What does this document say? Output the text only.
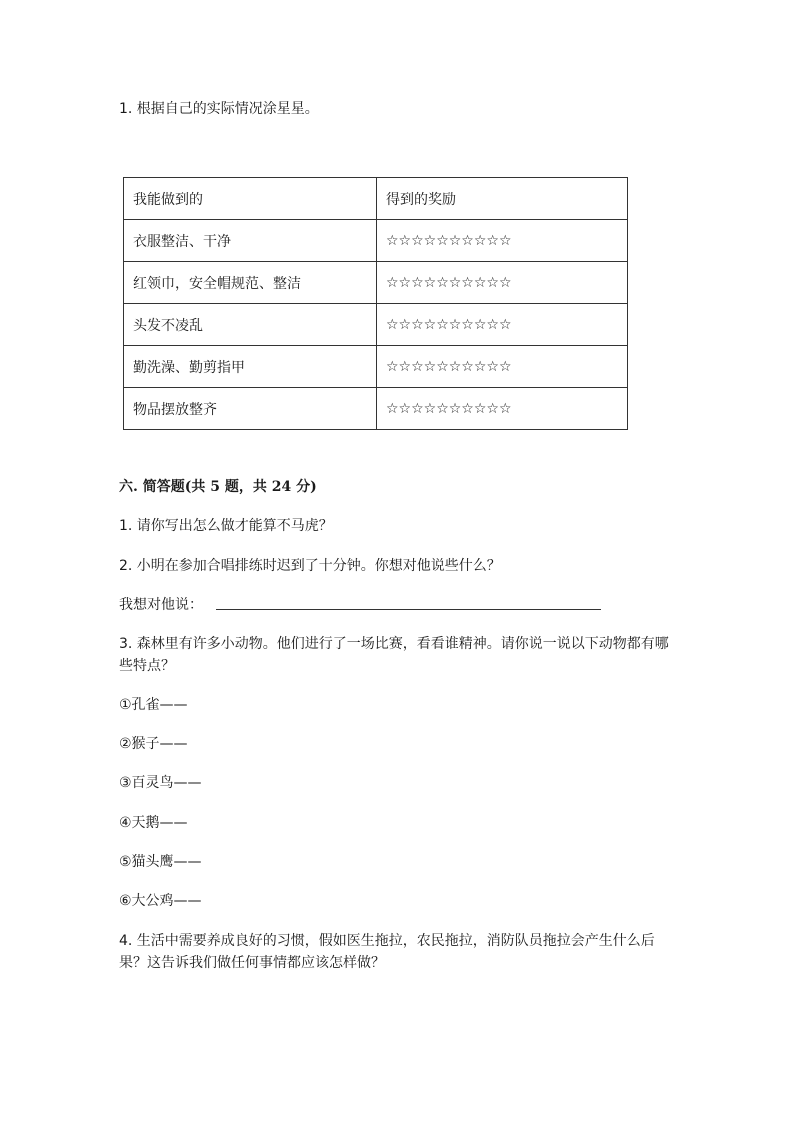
1. 根据自己的实际情况涂星星。
我能做到的	得到的奖励
衣服整洁、干净	☆☆☆☆☆☆☆☆☆☆
红领巾，安全帽规范、整洁	☆☆☆☆☆☆☆☆☆☆
头发不凌乱	☆☆☆☆☆☆☆☆☆☆
勤洗澡、勤剪指甲	☆☆☆☆☆☆☆☆☆☆
物品摆放整齐	☆☆☆☆☆☆☆☆☆☆
六. 简答题(共 5 题，共 24 分)
1. 请你写出怎么做才能算不马虎？
2. 小明在参加合唱排练时迟到了十分钟。你想对他说些什么？
我想对他说：
3. 森林里有许多小动物。他们进行了一场比赛，看看谁精神。请你说一说以下动物都有哪些特点？
①孔雀——
②猴子——
③百灵鸟——
④天鹅——
⑤猫头鹰——
⑥大公鸡——
4. 生活中需要养成良好的习惯，假如医生拖拉，农民拖拉，消防队员拖拉会产生什么后果？这告诉我们做任何事情都应该怎样做？
